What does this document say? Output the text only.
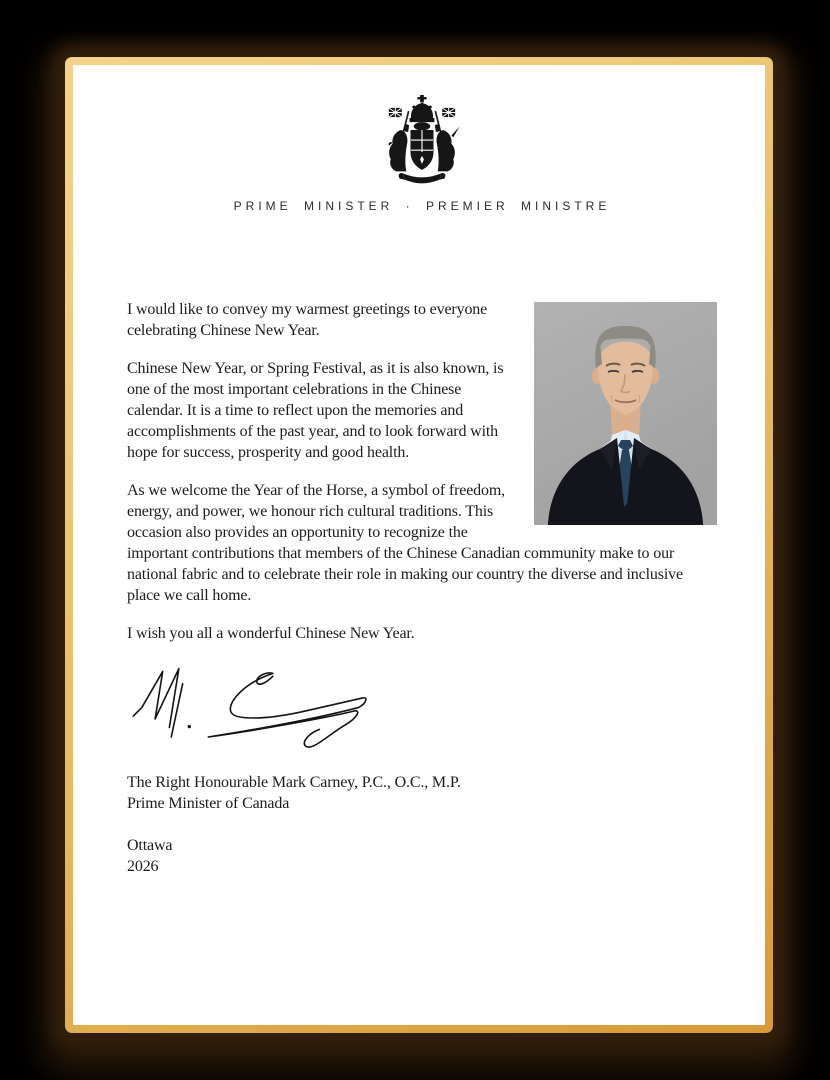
PRIME MINISTER · PREMIER MINISTRE

I would like to convey my warmest greetings to everyone celebrating Chinese New Year.

Chinese New Year, or Spring Festival, as it is also known, is one of the most important celebrations in the Chinese calendar. It is a time to reflect upon the memories and accomplishments of the past year, and to look forward with hope for success, prosperity and good health.

As we welcome the Year of the Horse, a symbol of freedom, energy, and power, we honour rich cultural traditions. This occasion also provides an opportunity to recognize the important contributions that members of the Chinese Canadian community make to our national fabric and to celebrate their role in making our country the diverse and inclusive place we call home.

I wish you all a wonderful Chinese New Year.

The Right Honourable Mark Carney, P.C., O.C., M.P.

Prime Minister of Canada

Ottawa

2026
